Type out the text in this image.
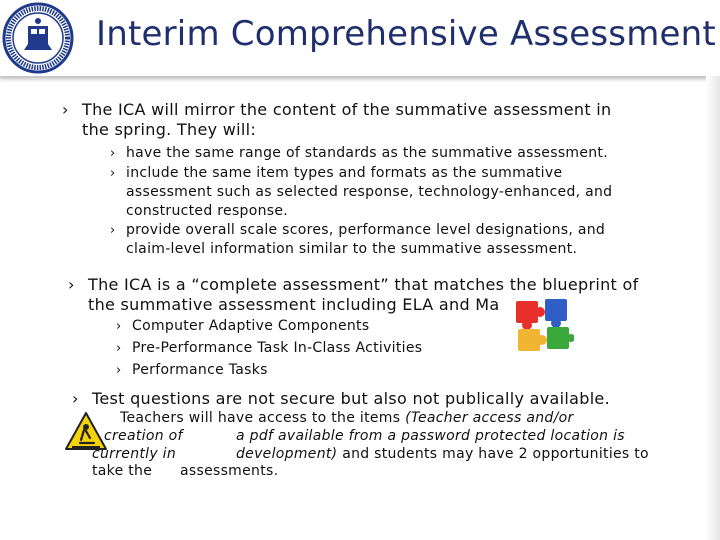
Interim Comprehensive Assessment
› The ICA will mirror the content of the summative assessment in
the spring. They will:
› have the same range of standards as the summative assessment.
› include the same item types and formats as the summative
assessment such as selected response, technology-enhanced, and
constructed response.
› provide overall scale scores, performance level designations, and
claim-level information similar to the summative assessment.
› The ICA is a “complete assessment” that matches the blueprint of
the summative assessment including ELA and Ma
› Computer Adaptive Components
› Pre-Performance Task In-Class Activities
› Performance Tasks
› Test questions are not secure but also not publically available.
Teachers will have access to the items (Teacher access and/or
creation of	a pdf available from a password protected location is
currently in	development) and students may have 2 opportunities to
take the assessments.
